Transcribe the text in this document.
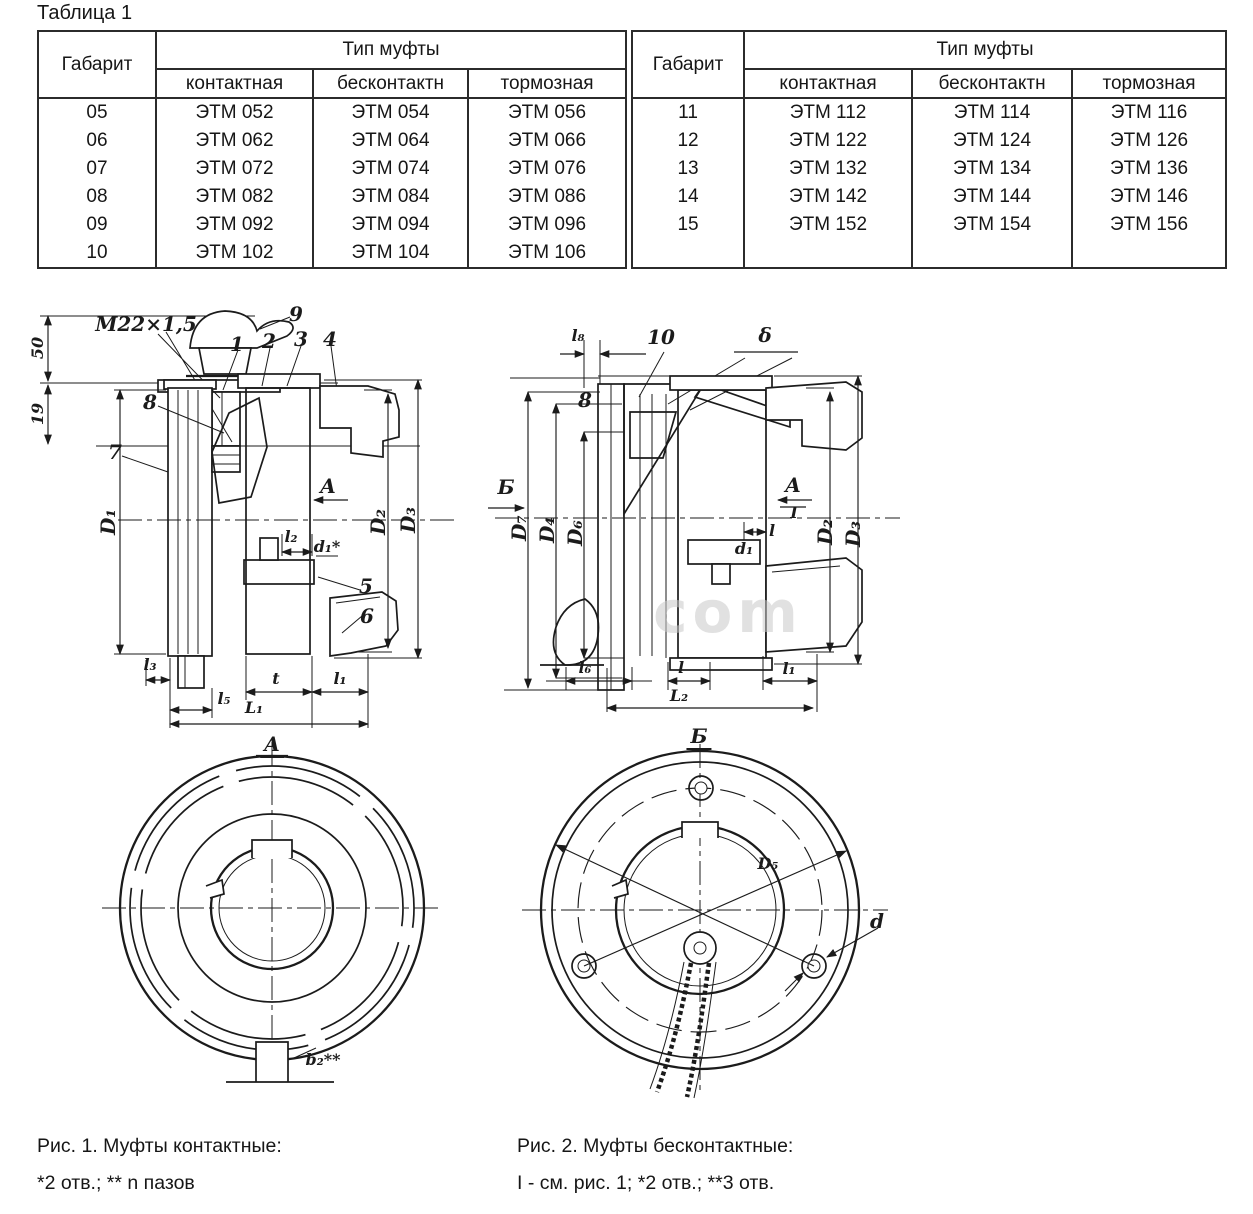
Таблица 1
Габарит	Тип муфты		
	контактная	бесконтактн	тормозная
05	ЭТМ 052	ЭТМ 054	ЭТМ 056
06	ЭТМ 062	ЭТМ 064	ЭТМ 066
07	ЭТМ 072	ЭТМ 074	ЭТМ 076
08	ЭТМ 082	ЭТМ 084	ЭТМ 086
09	ЭТМ 092	ЭТМ 094	ЭТМ 096
10	ЭТМ 102	ЭТМ 104	ЭТМ 106
Габарит	Тип муфты		
	контактная	бесконтактн	тормозная
11	ЭТМ 112	ЭТМ 114	ЭТМ 116
12	ЭТМ 122	ЭТМ 124	ЭТМ 126
13	ЭТМ 132	ЭТМ 134	ЭТМ 136
14	ЭТМ 142	ЭТМ 144	ЭТМ 146
15	ЭТМ 152	ЭТМ 154	ЭТМ 156

50
19
М22×1,5	9
1 2 3 4
8
7
D₁
A
l₂
d₁*
5
6
D₂ D₃
l₃
l₅
t	l₁
L₁
l₈	10	δ
8
Б
D₇ D₄ D₆
A
I
l
d₁
D₂ D₃
l₆	l	l₁
L₂
A
b₂**
Б
D₅
d
com
Рис. 1. Муфты контактные:
*2 отв.; ** n пазов
Рис. 2. Муфты бесконтактные:
I - см. рис. 1; *2 отв.; **3 отв.
